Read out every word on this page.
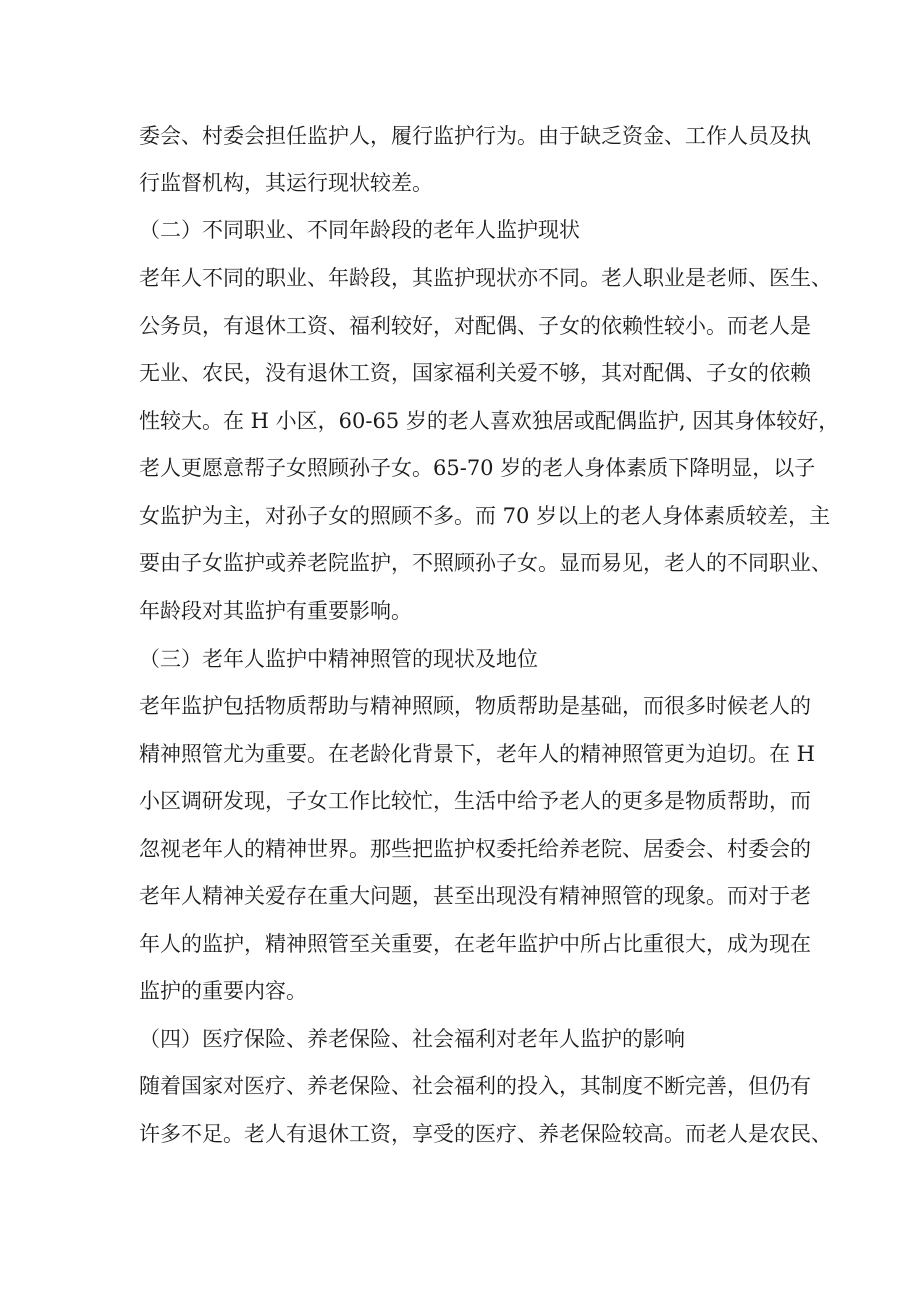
委会、村委会担任监护人，履行监护行为。由于缺乏资金、工作人员及执
行监督机构，其运行现状较差。
（二）不同职业、不同年龄段的老年人监护现状
老年人不同的职业、年龄段，其监护现状亦不同。老人职业是老师、医生、
公务员，有退休工资、福利较好，对配偶、子女的依赖性较小。而老人是
无业、农民，没有退休工资，国家福利关爱不够，其对配偶、子女的依赖
性较大。在 H 小区，60-65 岁的老人喜欢独居或配偶监护, 因其身体较好，
老人更愿意帮子女照顾孙子女。65-70 岁的老人身体素质下降明显，以子
女监护为主，对孙子女的照顾不多。而 70 岁以上的老人身体素质较差，主
要由子女监护或养老院监护，不照顾孙子女。显而易见，老人的不同职业、
年龄段对其监护有重要影响。
（三）老年人监护中精神照管的现状及地位
老年监护包括物质帮助与精神照顾，物质帮助是基础，而很多时候老人的
精神照管尤为重要。在老龄化背景下，老年人的精神照管更为迫切。在 H
小区调研发现，子女工作比较忙，生活中给予老人的更多是物质帮助，而
忽视老年人的精神世界。那些把监护权委托给养老院、居委会、村委会的
老年人精神关爱存在重大问题，甚至出现没有精神照管的现象。而对于老
年人的监护，精神照管至关重要，在老年监护中所占比重很大，成为现在
监护的重要内容。
（四）医疗保险、养老保险、社会福利对老年人监护的影响
随着国家对医疗、养老保险、社会福利的投入，其制度不断完善，但仍有
许多不足。老人有退休工资，享受的医疗、养老保险较高。而老人是农民、
